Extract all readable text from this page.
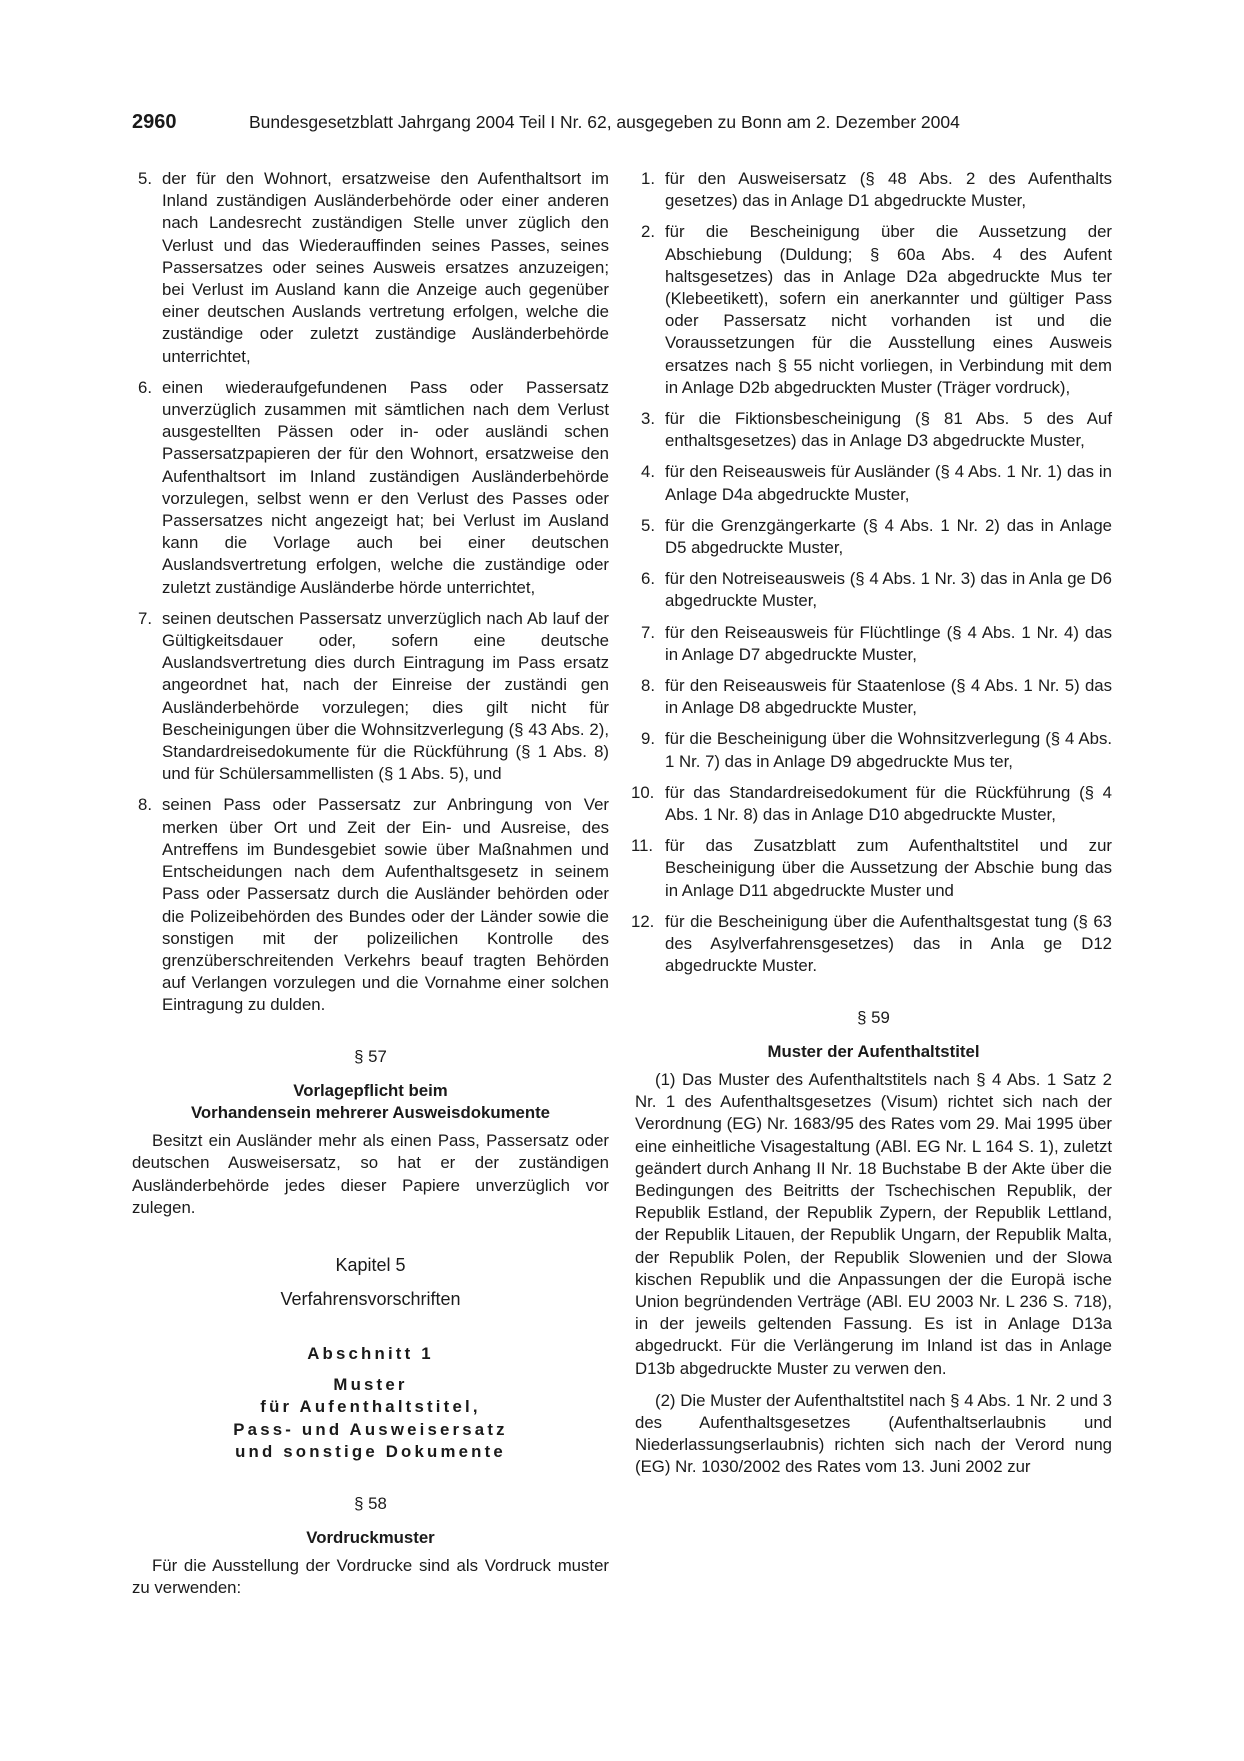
2960	Bundesgesetzblatt Jahrgang 2004 Teil I Nr. 62, ausgegeben zu Bonn am 2. Dezember 2004
5. der für den Wohnort, ersatzweise den Aufenthaltsort im Inland zuständigen Ausländerbehörde oder einer anderen nach Landesrecht zuständigen Stelle unver züglich den Verlust und das Wiederauffinden seines Passes, seines Passersatzes oder seines Ausweis ersatzes anzuzeigen; bei Verlust im Ausland kann die Anzeige auch gegenüber einer deutschen Auslands vertretung erfolgen, welche die zuständige oder zuletzt zuständige Ausländerbehörde unterrichtet,
6. einen wiederaufgefundenen Pass oder Passersatz unverzüglich zusammen mit sämtlichen nach dem Verlust ausgestellten Pässen oder in- oder ausländi schen Passersatzpapieren der für den Wohnort, ersatzweise den Aufenthaltsort im Inland zuständigen Ausländerbehörde vorzulegen, selbst wenn er den Verlust des Passes oder Passersatzes nicht angezeigt hat; bei Verlust im Ausland kann die Vorlage auch bei einer deutschen Auslandsvertretung erfolgen, welche die zuständige oder zuletzt zuständige Ausländerbe hörde unterrichtet,
7. seinen deutschen Passersatz unverzüglich nach Ab lauf der Gültigkeitsdauer oder, sofern eine deutsche Auslandsvertretung dies durch Eintragung im Pass ersatz angeordnet hat, nach der Einreise der zuständi gen Ausländerbehörde vorzulegen; dies gilt nicht für Bescheinigungen über die Wohnsitzverlegung (§ 43 Abs. 2), Standardreisedokumente für die Rückführung (§ 1 Abs. 8) und für Schülersammellisten (§ 1 Abs. 5), und
8. seinen Pass oder Passersatz zur Anbringung von Ver merken über Ort und Zeit der Ein- und Ausreise, des Antreffens im Bundesgebiet sowie über Maßnahmen und Entscheidungen nach dem Aufenthaltsgesetz in seinem Pass oder Passersatz durch die Ausländer behörden oder die Polizeibehörden des Bundes oder der Länder sowie die sonstigen mit der polizeilichen Kontrolle des grenzüberschreitenden Verkehrs beauf tragten Behörden auf Verlangen vorzulegen und die Vornahme einer solchen Eintragung zu dulden.
§ 57
Vorlagepflicht beim
Vorhandensein mehrerer Ausweisdokumente
Besitzt ein Ausländer mehr als einen Pass, Passersatz oder deutschen Ausweisersatz, so hat er der zuständigen Ausländerbehörde jedes dieser Papiere unverzüglich vor zulegen.
Kapitel 5
Verfahrensvorschriften
Abschnitt 1
Muster
für Aufenthaltstitel,
Pass- und Ausweisersatz
und sonstige Dokumente
§ 58
Vordruckmuster
Für die Ausstellung der Vordrucke sind als Vordruck muster zu verwenden:
1. für den Ausweisersatz (§ 48 Abs. 2 des Aufenthalts gesetzes) das in Anlage D1 abgedruckte Muster,
2. für die Bescheinigung über die Aussetzung der Abschiebung (Duldung; § 60a Abs. 4 des Aufent haltsgesetzes) das in Anlage D2a abgedruckte Mus ter (Klebeetikett), sofern ein anerkannter und gültiger Pass oder Passersatz nicht vorhanden ist und die Voraussetzungen für die Ausstellung eines Ausweis ersatzes nach § 55 nicht vorliegen, in Verbindung mit dem in Anlage D2b abgedruckten Muster (Träger vordruck),
3. für die Fiktionsbescheinigung (§ 81 Abs. 5 des Auf enthaltsgesetzes) das in Anlage D3 abgedruckte Muster,
4. für den Reiseausweis für Ausländer (§ 4 Abs. 1 Nr. 1) das in Anlage D4a abgedruckte Muster,
5. für die Grenzgängerkarte (§ 4 Abs. 1 Nr. 2) das in Anlage D5 abgedruckte Muster,
6. für den Notreiseausweis (§ 4 Abs. 1 Nr. 3) das in Anla ge D6 abgedruckte Muster,
7. für den Reiseausweis für Flüchtlinge (§ 4 Abs. 1 Nr. 4) das in Anlage D7 abgedruckte Muster,
8. für den Reiseausweis für Staatenlose (§ 4 Abs. 1 Nr. 5) das in Anlage D8 abgedruckte Muster,
9. für die Bescheinigung über die Wohnsitzverlegung (§ 4 Abs. 1 Nr. 7) das in Anlage D9 abgedruckte Mus ter,
10. für das Standardreisedokument für die Rückführung (§ 4 Abs. 1 Nr. 8) das in Anlage D10 abgedruckte Muster,
11. für das Zusatzblatt zum Aufenthaltstitel und zur Bescheinigung über die Aussetzung der Abschie bung das in Anlage D11 abgedruckte Muster und
12. für die Bescheinigung über die Aufenthaltsgestat tung (§ 63 des Asylverfahrensgesetzes) das in Anla ge D12 abgedruckte Muster.
§ 59
Muster der Aufenthaltstitel
(1) Das Muster des Aufenthaltstitels nach § 4 Abs. 1 Satz 2 Nr. 1 des Aufenthaltsgesetzes (Visum) richtet sich nach der Verordnung (EG) Nr. 1683/95 des Rates vom 29. Mai 1995 über eine einheitliche Visagestaltung (ABl. EG Nr. L 164 S. 1), zuletzt geändert durch Anhang II Nr. 18 Buchstabe B der Akte über die Bedingungen des Beitritts der Tschechischen Republik, der Republik Estland, der Republik Zypern, der Republik Lettland, der Republik Litauen, der Republik Ungarn, der Republik Malta, der Republik Polen, der Republik Slowenien und der Slowa kischen Republik und die Anpassungen der die Europä ische Union begründenden Verträge (ABl. EU 2003 Nr. L 236 S. 718), in der jeweils geltenden Fassung. Es ist in Anlage D13a abgedruckt. Für die Verlängerung im Inland ist das in Anlage D13b abgedruckte Muster zu verwen den.
(2) Die Muster der Aufenthaltstitel nach § 4 Abs. 1 Nr. 2 und 3 des Aufenthaltsgesetzes (Aufenthaltserlaubnis und Niederlassungserlaubnis) richten sich nach der Verord nung (EG) Nr. 1030/2002 des Rates vom 13. Juni 2002 zur
